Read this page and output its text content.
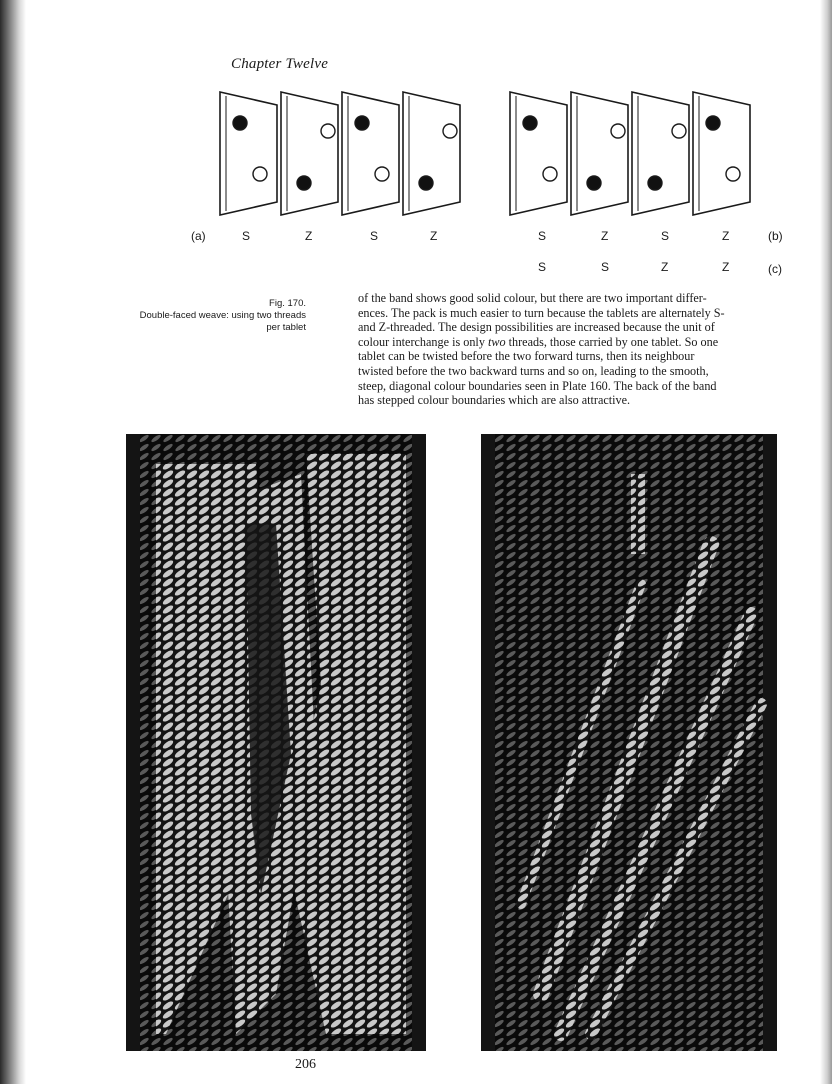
Chapter Twelve
(a)	(b)
(c)
S	Z	S	Z	S	Z	S	Z
S	S	Z	Z
Fig. 170.
Double-faced weave: using two threads
per tablet
of the band shows good solid colour, but there are two important differ-
ences. The pack is much easier to turn because the tablets are alternately S-
and Z-threaded. The design possibilities are increased because the unit of
colour interchange is only two threads, those carried by one tablet. So one
tablet can be twisted before the two forward turns, then its neighbour
twisted before the two backward turns and so on, leading to the smooth,
steep, diagonal colour boundaries seen in Plate 160. The back of the band
has stepped colour boundaries which are also attractive.
206
